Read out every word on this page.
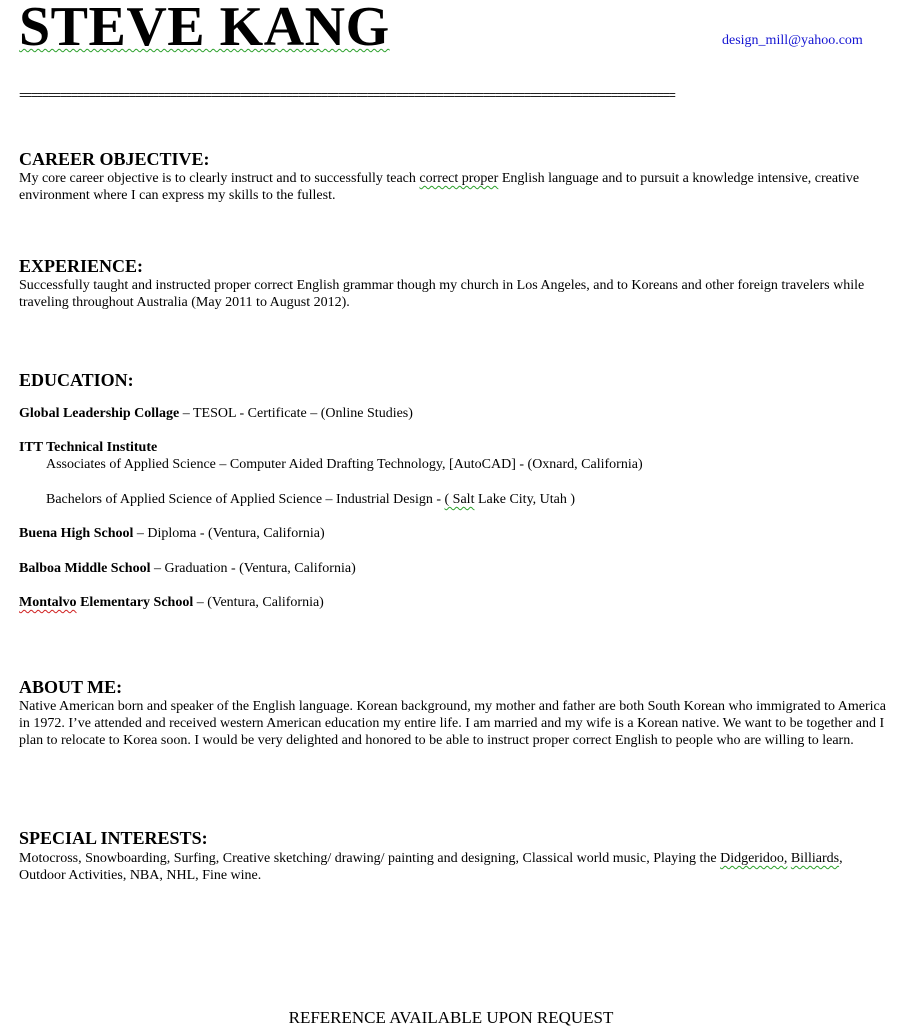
STEVE KANG	design_mill@yahoo.com
=================================================================================================================
CAREER OBJECTIVE:

My core career objective is to clearly instruct and to successfully teach correct proper English language and to pursuit a knowledge intensive, creative environment where I can express my skills to the fullest.

EXPERIENCE:

Successfully taught and instructed proper correct English grammar though my church in Los Angeles, and to Koreans and other foreign travelers while traveling throughout Australia (May 2011 to August 2012).

EDUCATION:
Global Leadership Collage – TESOL - Certificate – (Online Studies)
ITT Technical Institute
Associates of Applied Science – Computer Aided Drafting Technology, [AutoCAD] - (Oxnard, California)
Bachelors of Applied Science of Applied Science – Industrial Design - ( Salt Lake City, Utah )
Buena High School – Diploma - (Ventura, California)
Balboa Middle School – Graduation - (Ventura, California)
Montalvo Elementary School – (Ventura, California)
ABOUT ME:

Native American born and speaker of the English language. Korean background, my mother and father are both South Korean who immigrated to America in 1972. I’ve attended and received western American education my entire life. I am married and my wife is a Korean native. We want to be together and I plan to relocate to Korea soon. I would be very delighted and honored to be able to instruct proper correct English to people who are willing to learn.

SPECIAL INTERESTS:

Motocross, Snowboarding, Surfing, Creative sketching/ drawing/ painting and designing, Classical world music, Playing the Didgeridoo, Billiards, Outdoor Activities, NBA, NHL, Fine wine.

REFERENCE AVAILABLE UPON REQUEST
